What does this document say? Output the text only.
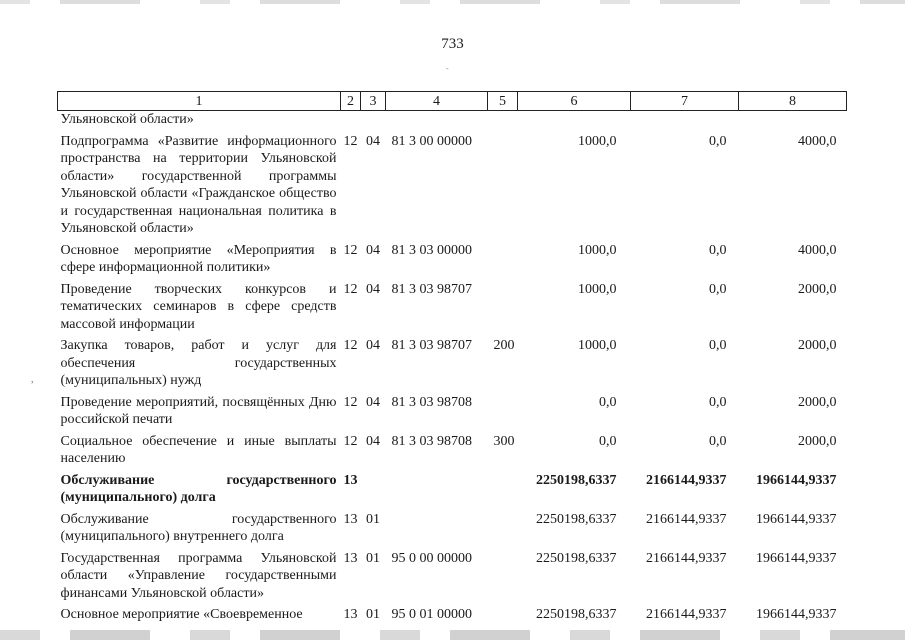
733
-
,
1	2	3	4	5	6	7	8
Ульяновской области»							
Подпрограмма «Развитие информационного пространства на территории Ульяновской области» государственной программы Ульяновской области «Гражданское общество и государственная национальная политика в Ульяновской области»	12	04	81 3 00 00000		1000,0	0,0	4000,0
Основное мероприятие «Мероприятия в сфере информационной политики»	12	04	81 3 03 00000		1000,0	0,0	4000,0
Проведение творческих конкурсов и тематических семинаров в сфере средств массовой информации	12	04	81 3 03 98707		1000,0	0,0	2000,0
Закупка товаров, работ и услуг для обеспечения государственных (муниципальных) нужд	12	04	81 3 03 98707	200	1000,0	0,0	2000,0
Проведение мероприятий, посвящённых Дню российской печати	12	04	81 3 03 98708		0,0	0,0	2000,0
Социальное обеспечение и иные выплаты населению	12	04	81 3 03 98708	300	0,0	0,0	2000,0
Обслуживание государственного (муниципального) долга	13				2250198,6337	2166144,9337	1966144,9337
Обслуживание государственного (муниципального) внутреннего долга	13	01			2250198,6337	2166144,9337	1966144,9337
Государственная программа Ульяновской области «Управление государственными финансами Ульяновской области»	13	01	95 0 00 00000		2250198,6337	2166144,9337	1966144,9337
Основное мероприятие «Своевременное	13	01	95 0 01 00000		2250198,6337	2166144,9337	1966144,9337
